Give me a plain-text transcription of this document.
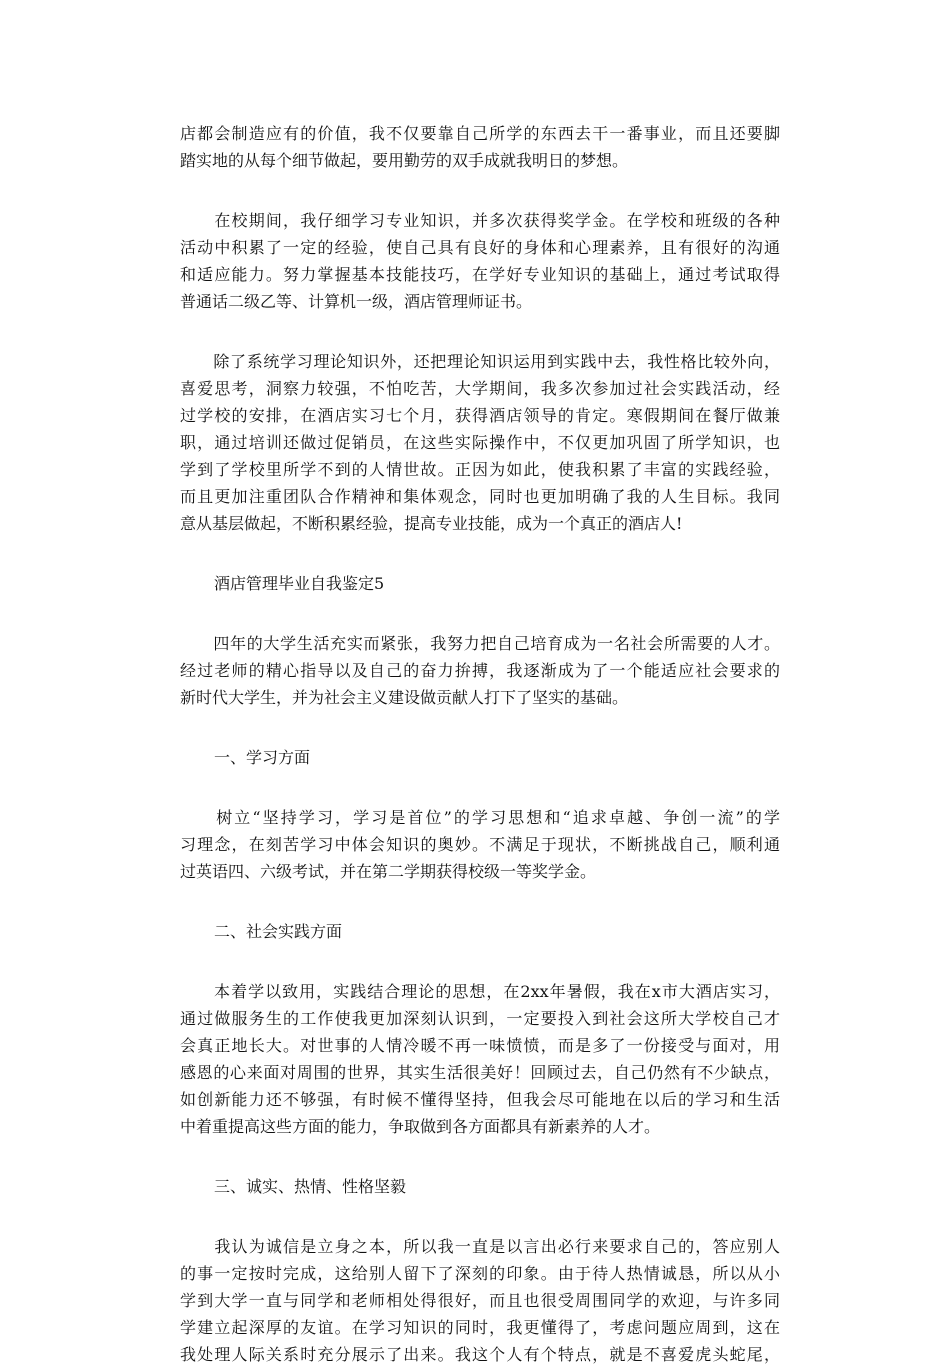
店都会制造应有的价值，我不仅要靠自己所学的东西去干一番事业，而且还要脚
踏实地的从每个细节做起，要用勤劳的双手成就我明日的梦想。
　　在校期间，我仔细学习专业知识，并多次获得奖学金。在学校和班级的各种
活动中积累了一定的经验，使自己具有良好的身体和心理素养，且有很好的沟通
和适应能力。努力掌握基本技能技巧，在学好专业知识的基础上，通过考试取得
普通话二级乙等、计算机一级，酒店管理师证书。
　　除了系统学习理论知识外，还把理论知识运用到实践中去，我性格比较外向，
喜爱思考，洞察力较强，不怕吃苦，大学期间，我多次参加过社会实践活动，经
过学校的安排，在酒店实习七个月，获得酒店领导的肯定。寒假期间在餐厅做兼
职，通过培训还做过促销员，在这些实际操作中，不仅更加巩固了所学知识，也
学到了学校里所学不到的人情世故。正因为如此，使我积累了丰富的实践经验，
而且更加注重团队合作精神和集体观念，同时也更加明确了我的人生目标。我同
意从基层做起，不断积累经验，提高专业技能，成为一个真正的酒店人!
酒店管理毕业自我鉴定5
　　四年的大学生活充实而紧张，我努力把自己培育成为一名社会所需要的人才。
经过老师的精心指导以及自己的奋力拚搏，我逐渐成为了一个能适应社会要求的
新时代大学生，并为社会主义建设做贡献人打下了坚实的基础。
一、学习方面
　　树立“坚持学习，学习是首位”的学习思想和“追求卓越、争创一流”的学
习理念，在刻苦学习中体会知识的奥妙。不满足于现状，不断挑战自己，顺利通
过英语四、六级考试，并在第二学期获得校级一等奖学金。
二、社会实践方面
　　本着学以致用，实践结合理论的思想，在2xx年暑假，我在x市大酒店实习，
通过做服务生的工作使我更加深刻认识到，一定要投入到社会这所大学校自己才
会真正地长大。对世事的人情冷暖不再一味愤愤，而是多了一份接受与面对，用
感恩的心来面对周围的世界，其实生活很美好！回顾过去，自己仍然有不少缺点，
如创新能力还不够强，有时候不懂得坚持，但我会尽可能地在以后的学习和生活
中着重提高这些方面的能力，争取做到各方面都具有新素养的人才。
三、诚实、热情、性格坚毅
　　我认为诚信是立身之本，所以我一直是以言出必行来要求自己的，答应别人
的事一定按时完成，这给别人留下了深刻的印象。由于待人热情诚恳，所以从小
学到大学一直与同学和老师相处得很好，而且也很受周围同学的欢迎，与许多同
学建立起深厚的友谊。在学习知识的同时，我更懂得了，考虑问题应周到，这在
我处理人际关系时充分展示了出来。我这个人有个特点，就是不喜爱虎头蛇尾，
